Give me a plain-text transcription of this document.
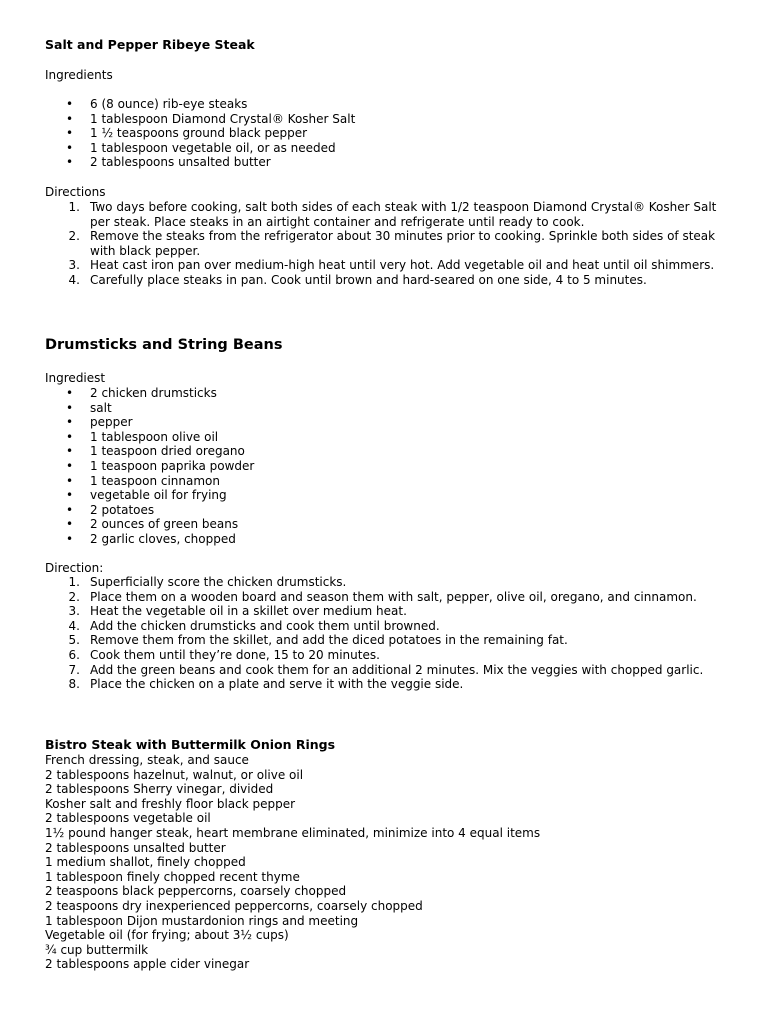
Salt and Pepper Ribeye Steak
Ingredients
• 6 (8 ounce) rib-eye steaks
• 1 tablespoon Diamond Crystal® Kosher Salt
• 1 ½ teaspoons ground black pepper
• 1 tablespoon vegetable oil, or as needed
• 2 tablespoons unsalted butter
Directions
Two days before cooking, salt both sides of each steak with 1/2 teaspoon Diamond Crystal® Kosher Salt per steak. Place steaks in an airtight container and refrigerate until ready to cook.
Remove the steaks from the refrigerator about 30 minutes prior to cooking. Sprinkle both sides of steak with black pepper.
Heat cast iron pan over medium-high heat until very hot. Add vegetable oil and heat until oil shimmers.
Carefully place steaks in pan. Cook until brown and hard-seared on one side, 4 to 5 minutes.
Drumsticks and String Beans
Ingrediest
• 2 chicken drumsticks
• salt
• pepper
• 1 tablespoon olive oil
• 1 teaspoon dried oregano
• 1 teaspoon paprika powder
• 1 teaspoon cinnamon
• vegetable oil for frying
• 2 potatoes
• 2 ounces of green beans
• 2 garlic cloves, chopped
Direction:
Superficially score the chicken drumsticks.
Place them on a wooden board and season them with salt, pepper, olive oil, oregano, and cinnamon.
Heat the vegetable oil in a skillet over medium heat.
Add the chicken drumsticks and cook them until browned.
Remove them from the skillet, and add the diced potatoes in the remaining fat.
Cook them until they’re done, 15 to 20 minutes.
Add the green beans and cook them for an additional 2 minutes. Mix the veggies with chopped garlic.
Place the chicken on a plate and serve it with the veggie side.
Bistro Steak with Buttermilk Onion Rings
French dressing, steak, and sauce
2 tablespoons hazelnut, walnut, or olive oil
2 tablespoons Sherry vinegar, divided
Kosher salt and freshly floor black pepper
2 tablespoons vegetable oil
1½ pound hanger steak, heart membrane eliminated, minimize into 4 equal items
2 tablespoons unsalted butter
1 medium shallot, finely chopped
1 tablespoon finely chopped recent thyme
2 teaspoons black peppercorns, coarsely chopped
2 teaspoons dry inexperienced peppercorns, coarsely chopped
1 tablespoon Dijon mustardonion rings and meeting
Vegetable oil (for frying; about 3½ cups)
¾ cup buttermilk
2 tablespoons apple cider vinegar
